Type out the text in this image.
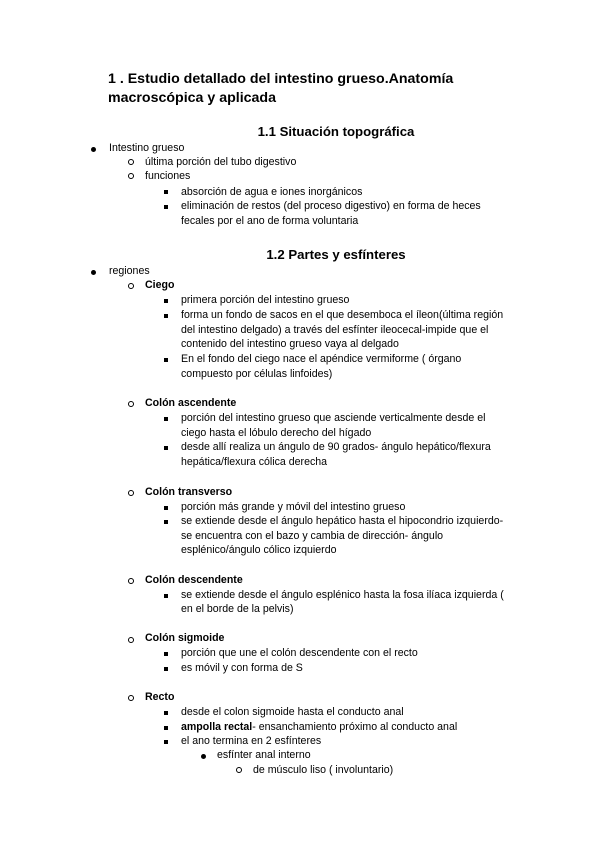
1 . Estudio detallado del intestino grueso.Anatomía macroscópica y aplicada
1.1 Situación topográfica
Intestino grueso
última porción del tubo digestivo
funciones
absorción de agua e iones inorgánicos
eliminación de restos (del proceso digestivo) en forma de heces
fecales por el ano de forma voluntaria
1.2 Partes y esfínteres
regiones
Ciego
primera porción del intestino grueso
forma un fondo de sacos en el que desemboca el íleon(última región
del intestino delgado) a través del esfínter ileocecal-impide que el
contenido del intestino grueso vaya al delgado
En el fondo del ciego nace el apéndice vermiforme ( órgano
compuesto por células linfoides)
Colón ascendente
porción del intestino grueso que asciende verticalmente desde el
ciego hasta el lóbulo derecho del hígado
desde allí realiza un ángulo de 90 grados- ángulo hepático/flexura
hepática/flexura cólica derecha
Colón transverso
porción más grande y móvil del intestino grueso
se extiende desde el ángulo hepático hasta el hipocondrio izquierdo-
se encuentra con el bazo y cambia de dirección- ángulo
esplénico/ángulo cólico izquierdo
Colón descendente
se extiende desde el ángulo esplénico hasta la fosa ilíaca izquierda (
en el borde de la pelvis)
Colón sigmoide
porción que une el colón descendente con el recto
es móvil y con forma de S
Recto
desde el colon sigmoide hasta el conducto anal
ampolla rectal- ensanchamiento próximo al conducto anal
el ano termina en 2 esfínteres
esfínter anal interno
de músculo liso ( involuntario)
